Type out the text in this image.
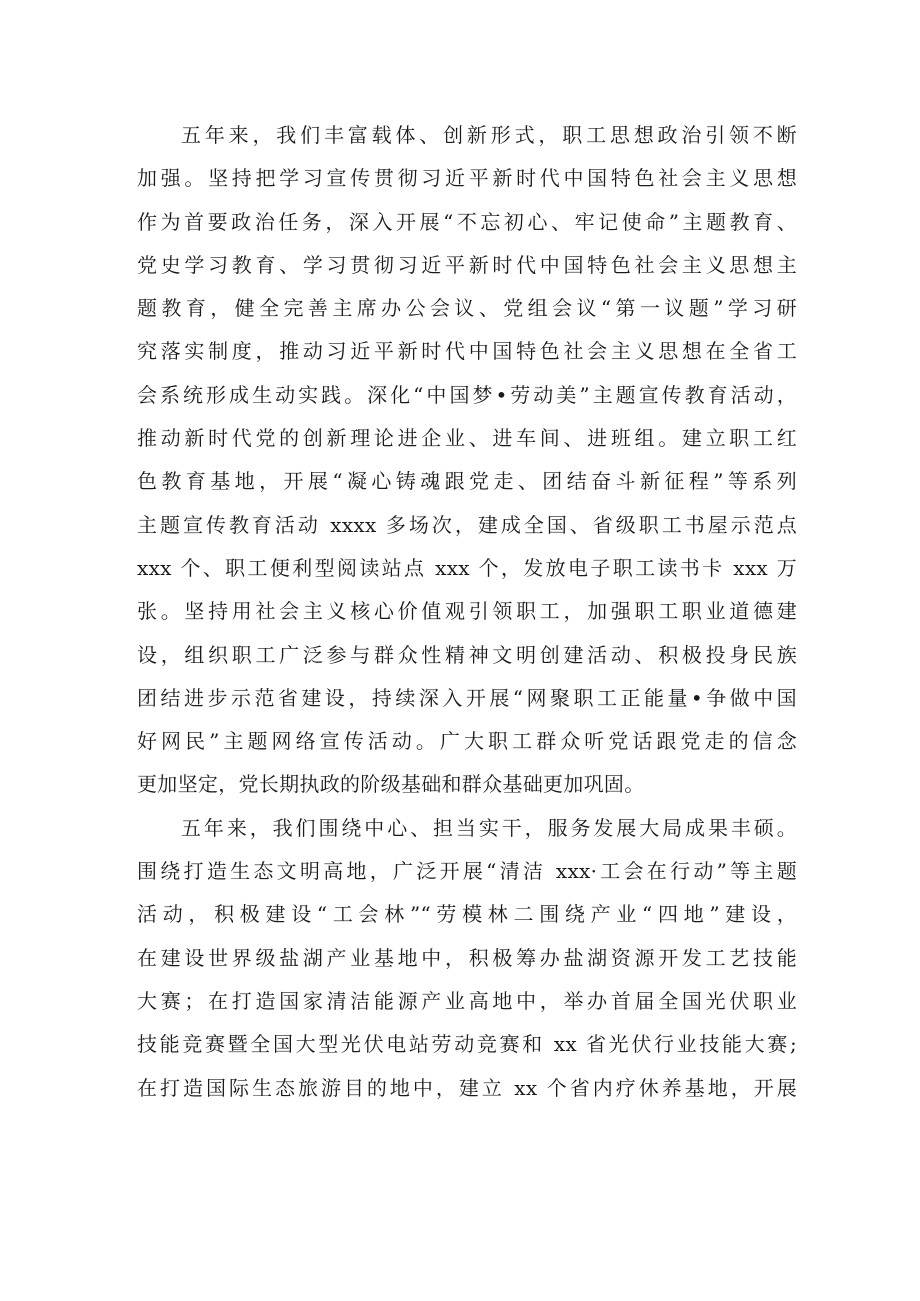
五年来，我们丰富载体、创新形式，职工思想政治引领不断
加强。坚持把学习宣传贯彻习近平新时代中国特色社会主义思想
作为首要政治任务，深入开展“不忘初心、牢记使命”主题教育、
党史学习教育、学习贯彻习近平新时代中国特色社会主义思想主
题教育，健全完善主席办公会议、党组会议“第一议题”学习研
究落实制度，推动习近平新时代中国特色社会主义思想在全省工
会系统形成生动实践。深化“中国梦•劳动美”主题宣传教育活动，
推动新时代党的创新理论进企业、进车间、进班组。建立职工红
色教育基地，开展“凝心铸魂跟党走、团结奋斗新征程”等系列
主题宣传教育活动 xxxx 多场次，建成全国、省级职工书屋示范点
xxx 个、职工便利型阅读站点 xxx 个，发放电子职工读书卡 xxx 万
张。坚持用社会主义核心价值观引领职工，加强职工职业道德建
设，组织职工广泛参与群众性精神文明创建活动、积极投身民族
团结进步示范省建设，持续深入开展“网聚职工正能量•争做中国
好网民”主题网络宣传活动。广大职工群众听党话跟党走的信念
更加坚定，党长期执政的阶级基础和群众基础更加巩固。
五年来，我们围绕中心、担当实干，服务发展大局成果丰硕。
围绕打造生态文明高地，广泛开展“清洁 xxx·工会在行动”等主题
活动，积极建设“工会林”“劳模林二围绕产业“四地”建设，
在建设世界级盐湖产业基地中，积极筹办盐湖资源开发工艺技能
大赛；在打造国家清洁能源产业高地中，举办首届全国光伏职业
技能竞赛暨全国大型光伏电站劳动竞赛和 xx 省光伏行业技能大赛;
在打造国际生态旅游目的地中，建立 xx 个省内疗休养基地，开展
